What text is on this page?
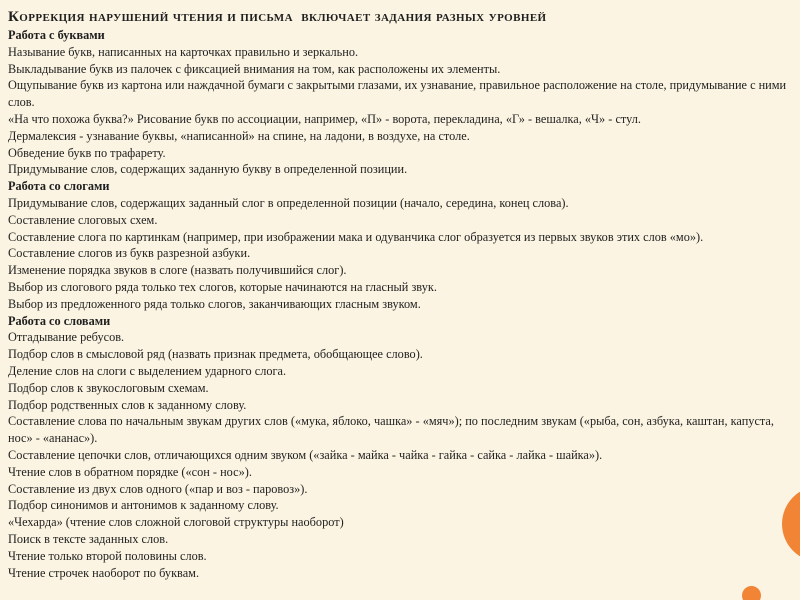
Коррекция нарушений чтения и письма  включает задания разных уровней

Работа с буквами

Называние букв, написанных на карточках правильно и зеркально.

Выкладывание букв из палочек с фиксацией внимания на том, как расположены их элементы.

Ощупывание букв из картона или наждачной бумаги с закрытыми глазами, их узнавание, правильное расположение на столе, придумывание с ними слов.

«На что похожа буква?» Рисование букв по ассоциации, например, «П» - ворота, перекладина, «Г» - вешалка, «Ч» - стул.

Дермалексия - узнавание буквы, «написанной» на спине, на ладони, в воздухе, на столе.

Обведение букв по трафарету.

Придумывание слов, содержащих заданную букву в определенной позиции.

Работа со слогами

Придумывание слов, содержащих заданный слог в определенной позиции (начало, середина, конец слова).

Составление слоговых схем.

Составление слога по картинкам (например, при изображении мака и одуванчика слог образуется из первых звуков этих слов «мо»).

Составление слогов из букв разрезной азбуки.

Изменение порядка звуков в слоге (назвать получившийся слог).

Выбор из слогового ряда только тех слогов, которые начинаются на гласный звук.

Выбор из предложенного ряда только слогов, заканчивающих гласным звуком.

Работа со словами

Отгадывание ребусов.

Подбор слов в смысловой ряд (назвать признак предмета, обобщающее слово).

Деление слов на слоги с выделением ударного слога.

Подбор слов к звукослоговым схемам.

Подбор родственных слов к заданному слову.

Составление слова по начальным звукам других слов («мука, яблоко, чашка» - «мяч»); по последним звукам («рыба, сон, азбука, каштан, капуста, нос» - «ананас»).

Составление цепочки слов, отличающихся одним звуком («зайка - майка - чайка - гайка - сайка - лайка - шайка»).

Чтение слов в обратном порядке («сон - нос»).

Составление из двух слов одного («пар и воз - паровоз»).

Подбор синонимов и антонимов к заданному слову.

«Чехарда» (чтение слов сложной слоговой структуры наоборот)

Поиск в тексте заданных слов.

Чтение только второй половины слов.

Чтение строчек наоборот по буквам.
